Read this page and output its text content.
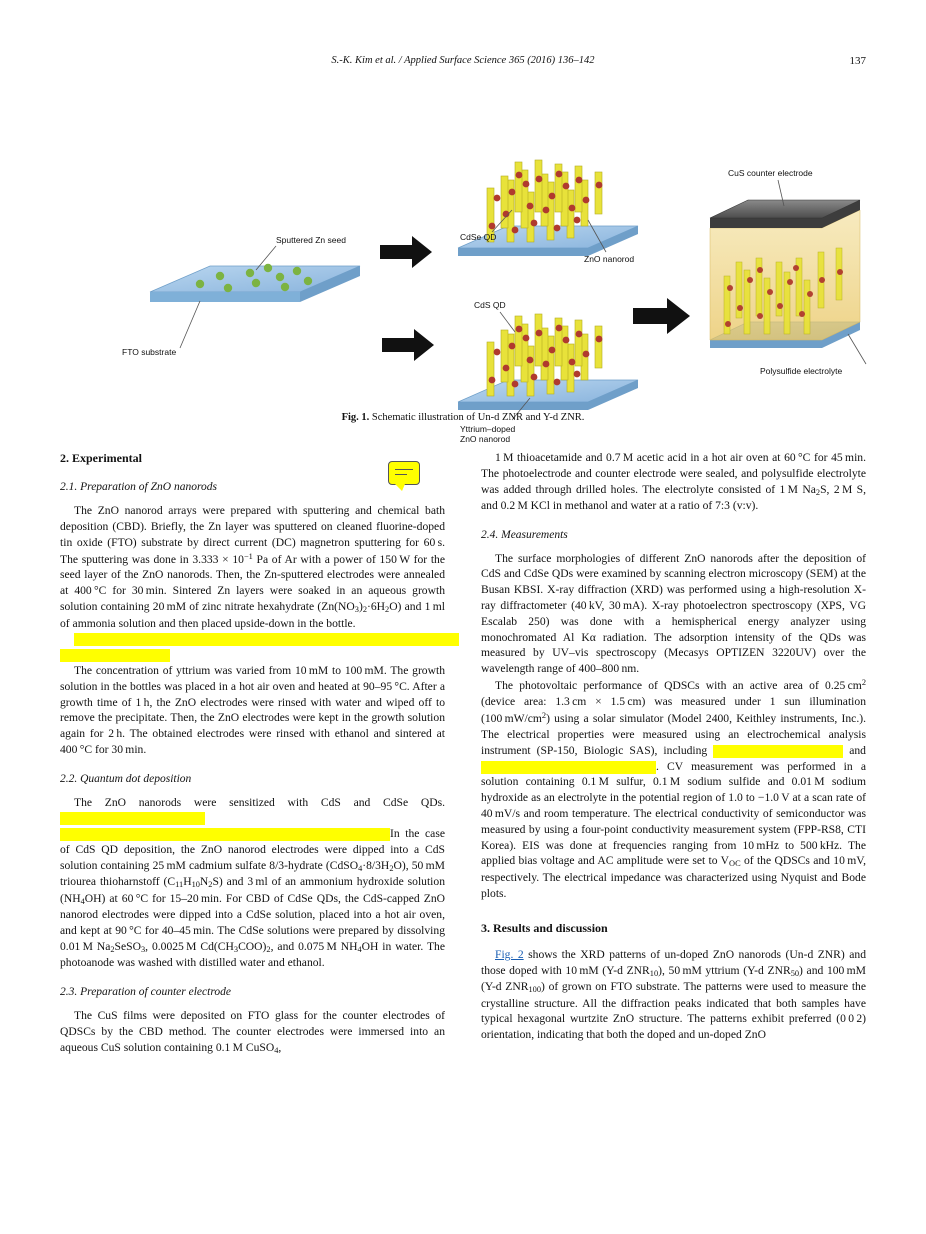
S.-K. Kim et al. / Applied Surface Science 365 (2016) 136–142	137
Sputtered Zn seed
FTO substrate
CdSe QD
ZnO nanorod
CdS QD
Yttrium–doped
ZnO nanorod
CuS counter electrode
Polysulfide electrolyte
Fig. 1. Schematic illustration of Un-d ZNR and Y-d ZNR.
2. Experimental
2.1. Preparation of ZnO nanorods

The ZnO nanorod arrays were prepared with sputtering and chemical bath deposition (CBD). Briefly, the Zn layer was sputtered on cleaned fluorine-doped tin oxide (FTO) substrate by direct current (DC) magnetron sputtering for 60 s. The sputtering was done in $3.333 \times 10^{-1}$ Pa of Ar with a power of 150 W for the seed layer of the ZnO nanorods. Then, the Zn-sputtered electrodes were annealed at 400 °C for 30 min. Sintered Zn layers were soaked in an aqueous growth solution containing 20 mM of zinc nitrate hexahydrate $(Zn(NO_3)_2\cdot 6H_2O)$ and 1 ml of ammonia solution and then placed upside-down in the bottle.

The concentration of yttrium was varied from 10 mM to 100 mM. The growth solution in the bottles was placed in a hot air oven and heated at 90–95 °C. After a growth time of 1 h, the ZnO electrodes were rinsed with water and wiped off to remove the precipitate. Then, the ZnO electrodes were kept in the growth solution again for 2 h. The obtained electrodes were rinsed with ethanol and sintered at 400 °C for 30 min.

2.2. Quantum dot deposition

The ZnO nanorods were sensitized with CdS and CdSe QDs.  In the case of CdS QD deposition, the ZnO nanorod electrodes were dipped into a CdS solution containing 25 mM cadmium sulfate 8/3-hydrate $(CdSO_4\cdot 8/3H_2O)$, 50 mM triourea thioharnstoff $(C_{11}H_{10}N_2S)$ and 3 ml of an ammonium hydroxide solution $(NH_4OH)$ at 60 °C for 15–20 min. For CBD of CdSe QDs, the CdS-capped ZnO nanorod electrodes were dipped into a CdSe solution, placed into a hot air oven, and kept at 90 °C for 40–45 min. The CdSe solutions were prepared by dissolving 0.01 M $Na_2SeSO_3$, 0.0025 M $Cd(CH_3COO)_2$, and 0.075 M $NH_4OH$ in water. The photoanode was washed with distilled water and ethanol.

2.3. Preparation of counter electrode

The CuS films were deposited on FTO glass for the counter electrodes of QDSCs by the CBD method. The counter electrodes were immersed into an aqueous CuS solution containing 0.1 M CuSO$_4$,

1 M thioacetamide and 0.7 M acetic acid in a hot air oven at 60 °C for 45 min. The photoelectrode and counter electrode were sealed, and polysulfide electrolyte was added through drilled holes. The electrolyte consisted of 1 M $Na_2S$, 2 M S, and 0.2 M KCl in methanol and water at a ratio of 7:3 (v:v).

2.4. Measurements

The surface morphologies of different ZnO nanorods after the deposition of CdS and CdSe QDs were examined by scanning electron microscopy (SEM) at the Busan KBSI. X-ray diffraction (XRD) was performed using a high-resolution X-ray diffractometer (40 kV, 30 mA). X-ray photoelectron spectroscopy (XPS, VG Escalab 250) was done with a hemispherical energy analyzer using monochromated Al Kα radiation. The adsorption intensity of the QDs was measured by UV–vis spectroscopy (Mecasys OPTIZEN 3220UV) over the wavelength range of 400–800 nm.

The photovoltaic performance of QDSCs with an active area of 0.25 $cm^2$ (device area: 1.3 cm × 1.5 cm) was measured under 1 sun illumination (100 $mW/cm^2$) using a solar simulator (Model 2400, Keithley instruments, Inc.). The electrical properties were measured using an electrochemical analysis instrument (SP-150, Biologic SAS), including	and  . CV measurement was performed in a solution containing 0.1 M sulfur, 0.1 M sodium sulfide and 0.01 M sodium hydroxide as an electrolyte in the potential region of 1.0 to −1.0 V at a scan rate of 40 mV/s and room temperature. The electrical conductivity of semiconductor was measured by using a four-point conductivity measurement system (FPP-RS8, CTI Korea). EIS was done at frequencies ranging from 10 mHz to 500 kHz. The applied bias voltage and AC amplitude were set to $V_{OC}$ of the QDSCs and 10 mV, respectively. The electrical impedance was characterized using Nyquist and Bode plots.

3. Results and discussion

Fig. 2 shows the XRD patterns of un-doped ZnO nanorods (Un-d ZNR) and those doped with 10 mM (Y-d $ZNR_{10}$), 50 mM yttrium (Y-d $ZNR_{50}$) and 100 mM (Y-d $ZNR_{100}$) of grown on FTO substrate. The patterns were used to measure the crystalline structure. All the diffraction peaks indicated that both samples have typical hexagonal wurtzite ZnO structure. The patterns exhibit preferred (0 0 2) orientation, indicating that both the doped and un-doped ZnO
